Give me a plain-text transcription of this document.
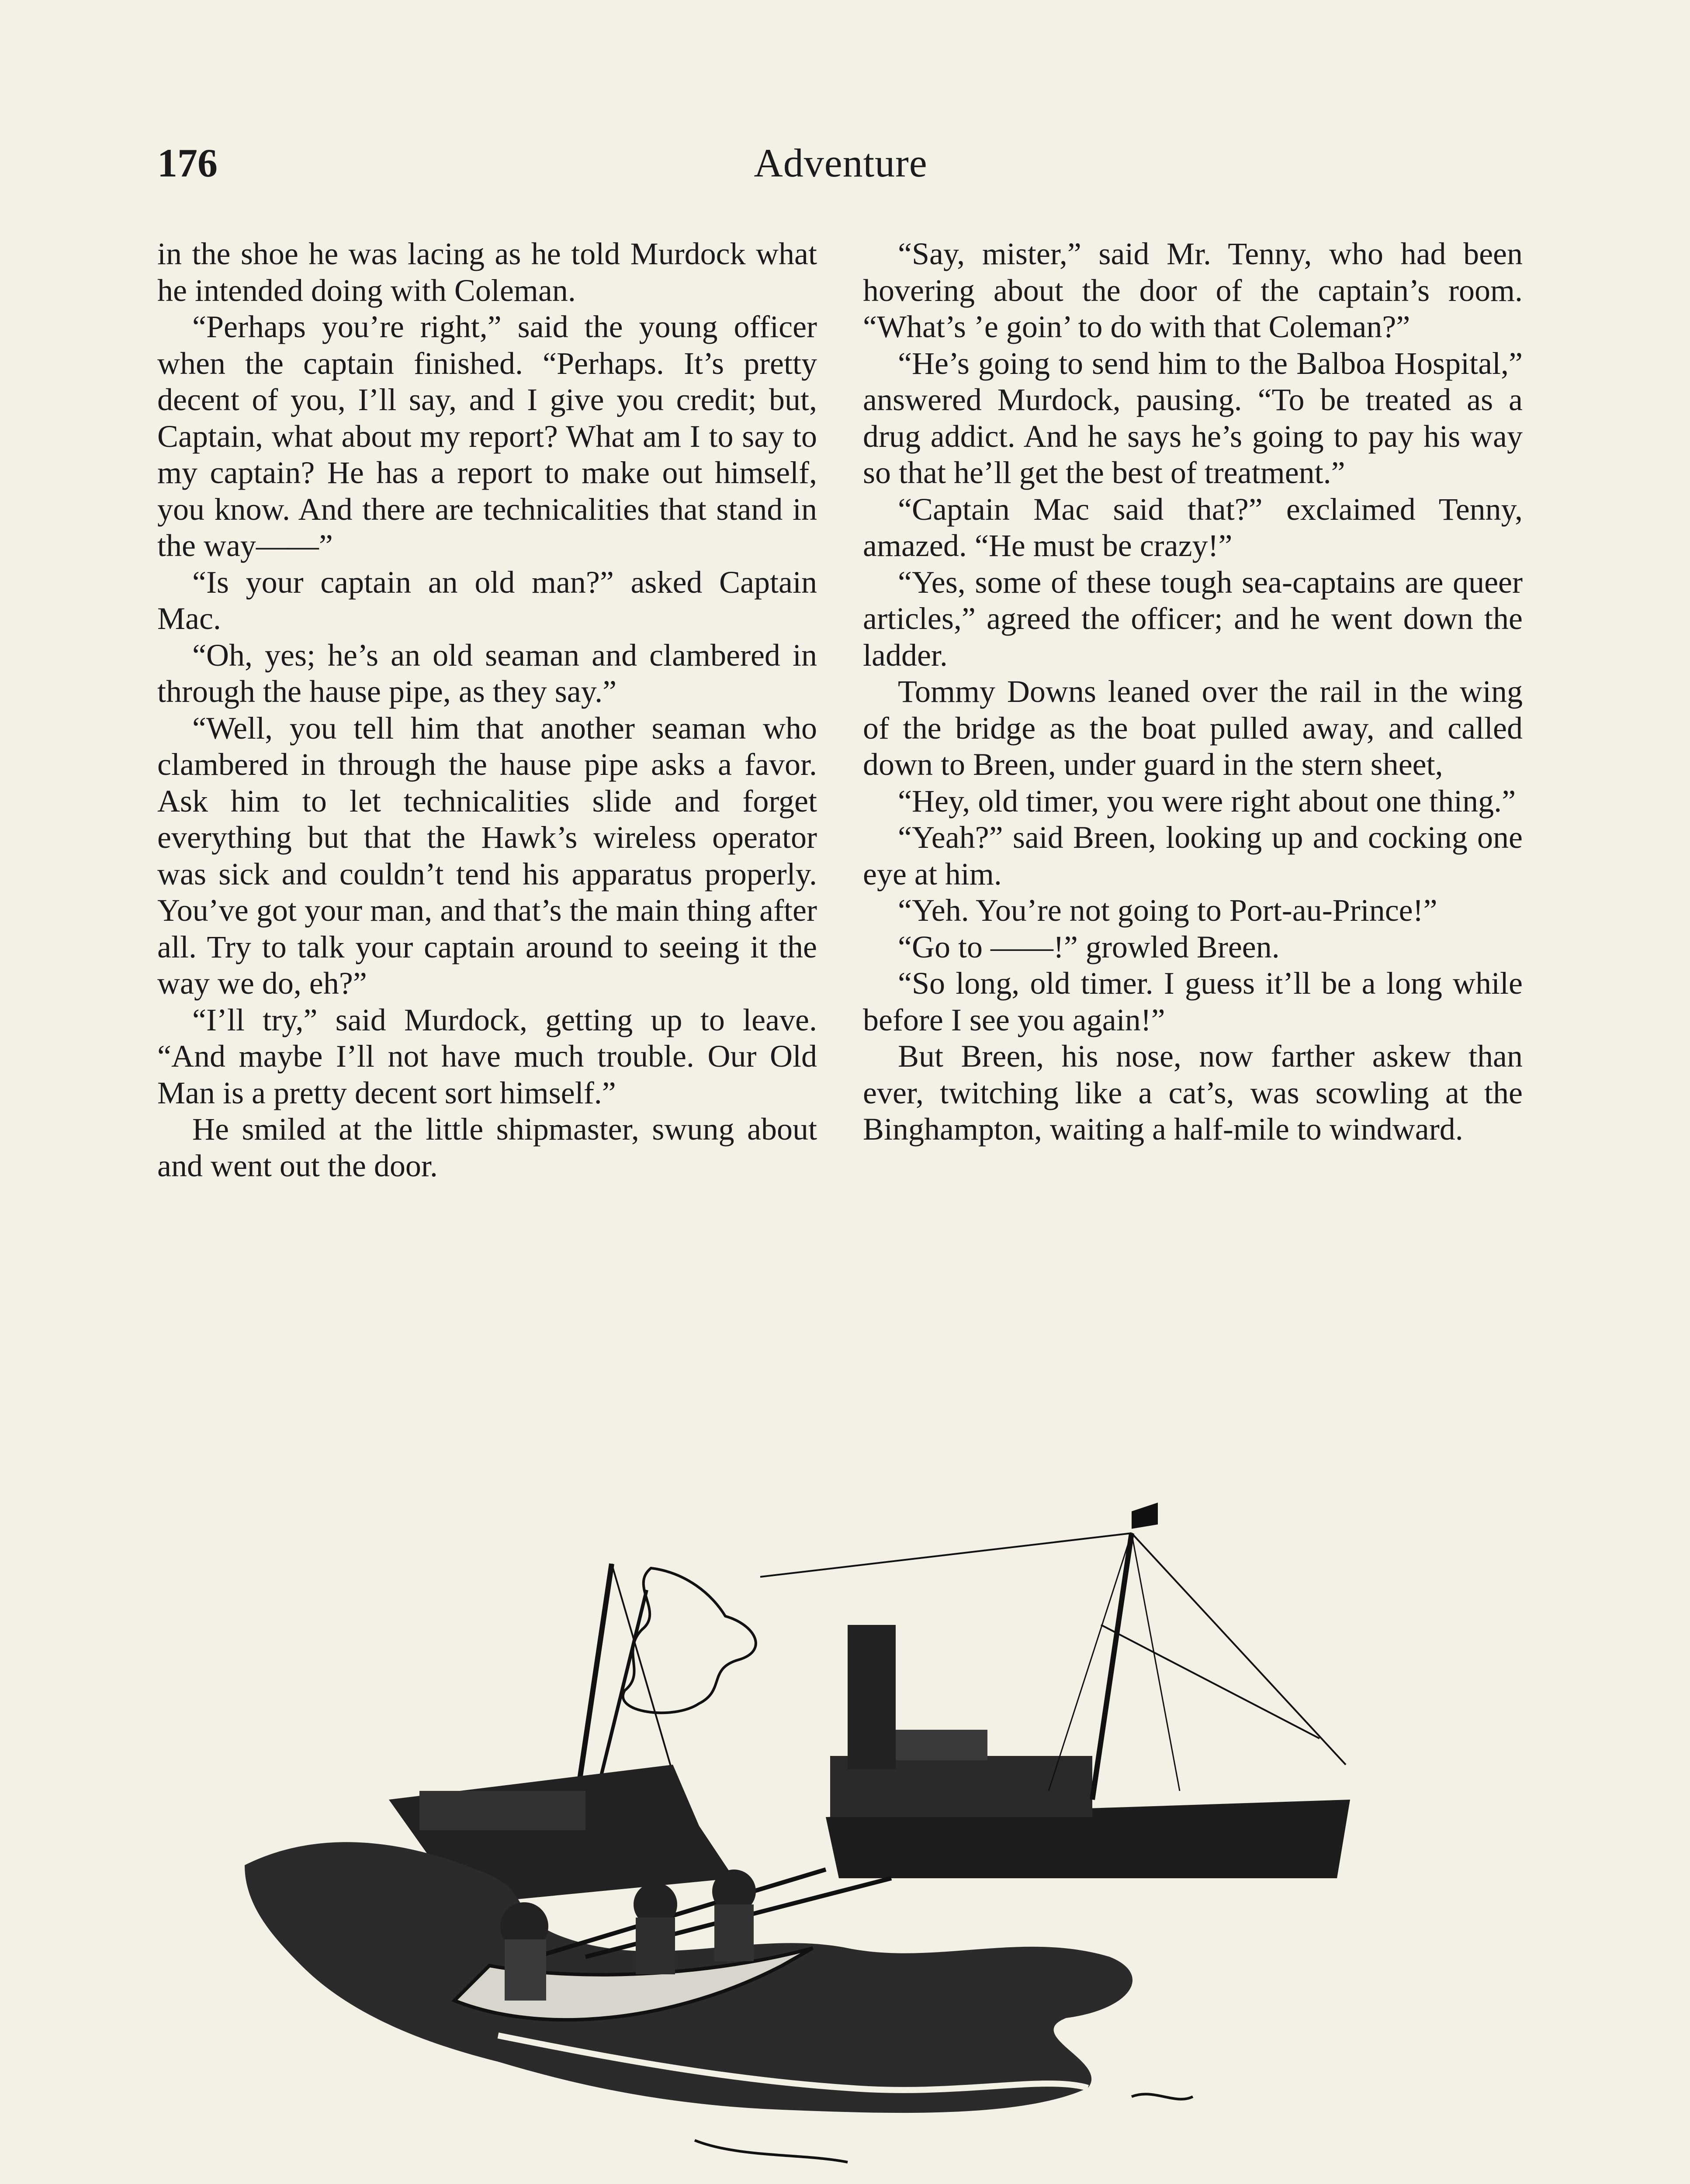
176	Adventure

in the shoe he was lacing as he told Murdock what he intended doing with Coleman.

“Perhaps you’re right,” said the young officer when the captain finished. “Perhaps. It’s pretty decent of you, I’ll say, and I give you credit; but, Captain, what about my report? What am I to say to my captain? He has a report to make out himself, you know. And there are technicalities that stand in the way——”

“Is your captain an old man?” asked Captain Mac.

“Oh, yes; he’s an old seaman and clambered in through the hause pipe, as they say.”

“Well, you tell him that another seaman who clambered in through the hause pipe asks a favor. Ask him to let technicalities slide and forget everything but that the Hawk’s wireless operator was sick and couldn’t tend his apparatus properly. You’ve got your man, and that’s the main thing after all. Try to talk your captain around to seeing it the way we do, eh?”

“I’ll try,” said Murdock, getting up to leave. “And maybe I’ll not have much trouble. Our Old Man is a pretty decent sort himself.”

He smiled at the little shipmaster, swung about and went out the door.

“Say, mister,” said Mr. Tenny, who had been hovering about the door of the captain’s room. “What’s ’e goin’ to do with that Coleman?”

“He’s going to send him to the Balboa Hospital,” answered Murdock, pausing. “To be treated as a drug addict. And he says he’s going to pay his way so that he’ll get the best of treatment.”

“Captain Mac said that?” exclaimed Tenny, amazed. “He must be crazy!”

“Yes, some of these tough sea-captains are queer articles,” agreed the officer; and he went down the ladder.

Tommy Downs leaned over the rail in the wing of the bridge as the boat pulled away, and called down to Breen, under guard in the stern sheet,

“Hey, old timer, you were right about one thing.”

“Yeah?” said Breen, looking up and cocking one eye at him.

“Yeh. You’re not going to Port-au-Prince!”

“Go to ——!” growled Breen.

“So long, old timer. I guess it’ll be a long while before I see you again!”

But Breen, his nose, now farther askew than ever, twitching like a cat’s, was scowling at the Binghampton, waiting a half-mile to windward.
